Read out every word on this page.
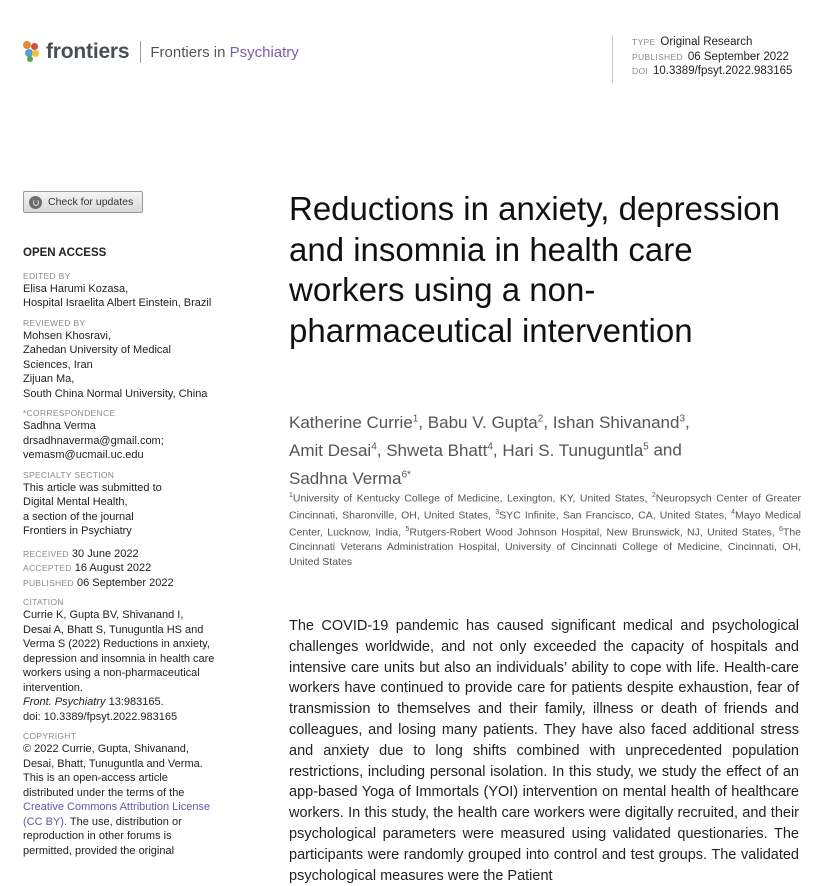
frontiers Frontiers in Psychiatry
TYPE Original Research
PUBLISHED 06 September 2022
DOI 10.3389/fpsyt.2022.983165
Check for updates
OPEN ACCESS
EDITED BY
Elisa Harumi Kozasa,
Hospital Israelita Albert Einstein, Brazil
REVIEWED BY
Mohsen Khosravi,
Zahedan University of Medical
Sciences, Iran
Zijuan Ma,
South China Normal University, China
*CORRESPONDENCE
Sadhna Verma
drsadhnaverma@gmail.com;
vemasm@ucmail.uc.edu
SPECIALTY SECTION
This article was submitted to
Digital Mental Health,
a section of the journal
Frontiers in Psychiatry
RECEIVED 30 June 2022
ACCEPTED 16 August 2022
PUBLISHED 06 September 2022
CITATION
Currie K, Gupta BV, Shivanand I,
Desai A, Bhatt S, Tunuguntla HS and
Verma S (2022) Reductions in anxiety,
depression and insomnia in health care
workers using a non-pharmaceutical
intervention.
Front. Psychiatry 13:983165.
doi: 10.3389/fpsyt.2022.983165
COPYRIGHT
© 2022 Currie, Gupta, Shivanand,
Desai, Bhatt, Tunuguntla and Verma.
This is an open-access article
distributed under the terms of the
Creative Commons Attribution License
(CC BY). The use, distribution or
reproduction in other forums is
permitted, provided the original
Reductions in anxiety, depression and insomnia in health care workers using a non-pharmaceutical intervention
Katherine Currie$^1$, Babu V. Gupta$^2$, Ishan Shivanand$^3$,
Amit Desai$^4$, Shweta Bhatt$^4$, Hari S. Tunuguntla$^5$ and
Sadhna Verma$^{6*}$
$^1$University of Kentucky College of Medicine, Lexington, KY, United States, $^2$Neuropsych Center of Greater Cincinnati, Sharonville, OH, United States, $^3$SYC Infinite, San Francisco, CA, United States, $^4$Mayo Medical Center, Lucknow, India, $^5$Rutgers-Robert Wood Johnson Hospital, New Brunswick, NJ, United States, $^6$The Cincinnati Veterans Administration Hospital, University of Cincinnati College of Medicine, Cincinnati, OH, United States
The COVID-19 pandemic has caused significant medical and psychological challenges worldwide, and not only exceeded the capacity of hospitals and intensive care units but also an individuals’ ability to cope with life. Health-care workers have continued to provide care for patients despite exhaustion, fear of transmission to themselves and their family, illness or death of friends and colleagues, and losing many patients. They have also faced additional stress and anxiety due to long shifts combined with unprecedented population restrictions, including personal isolation. In this study, we study the effect of an app-based Yoga of Immortals (YOI) intervention on mental health of healthcare workers. In this study, the health care workers were digitally recruited, and their psychological parameters were measured using validated questionaries. The participants were randomly grouped into control and test groups. The validated psychological measures were the Patient
